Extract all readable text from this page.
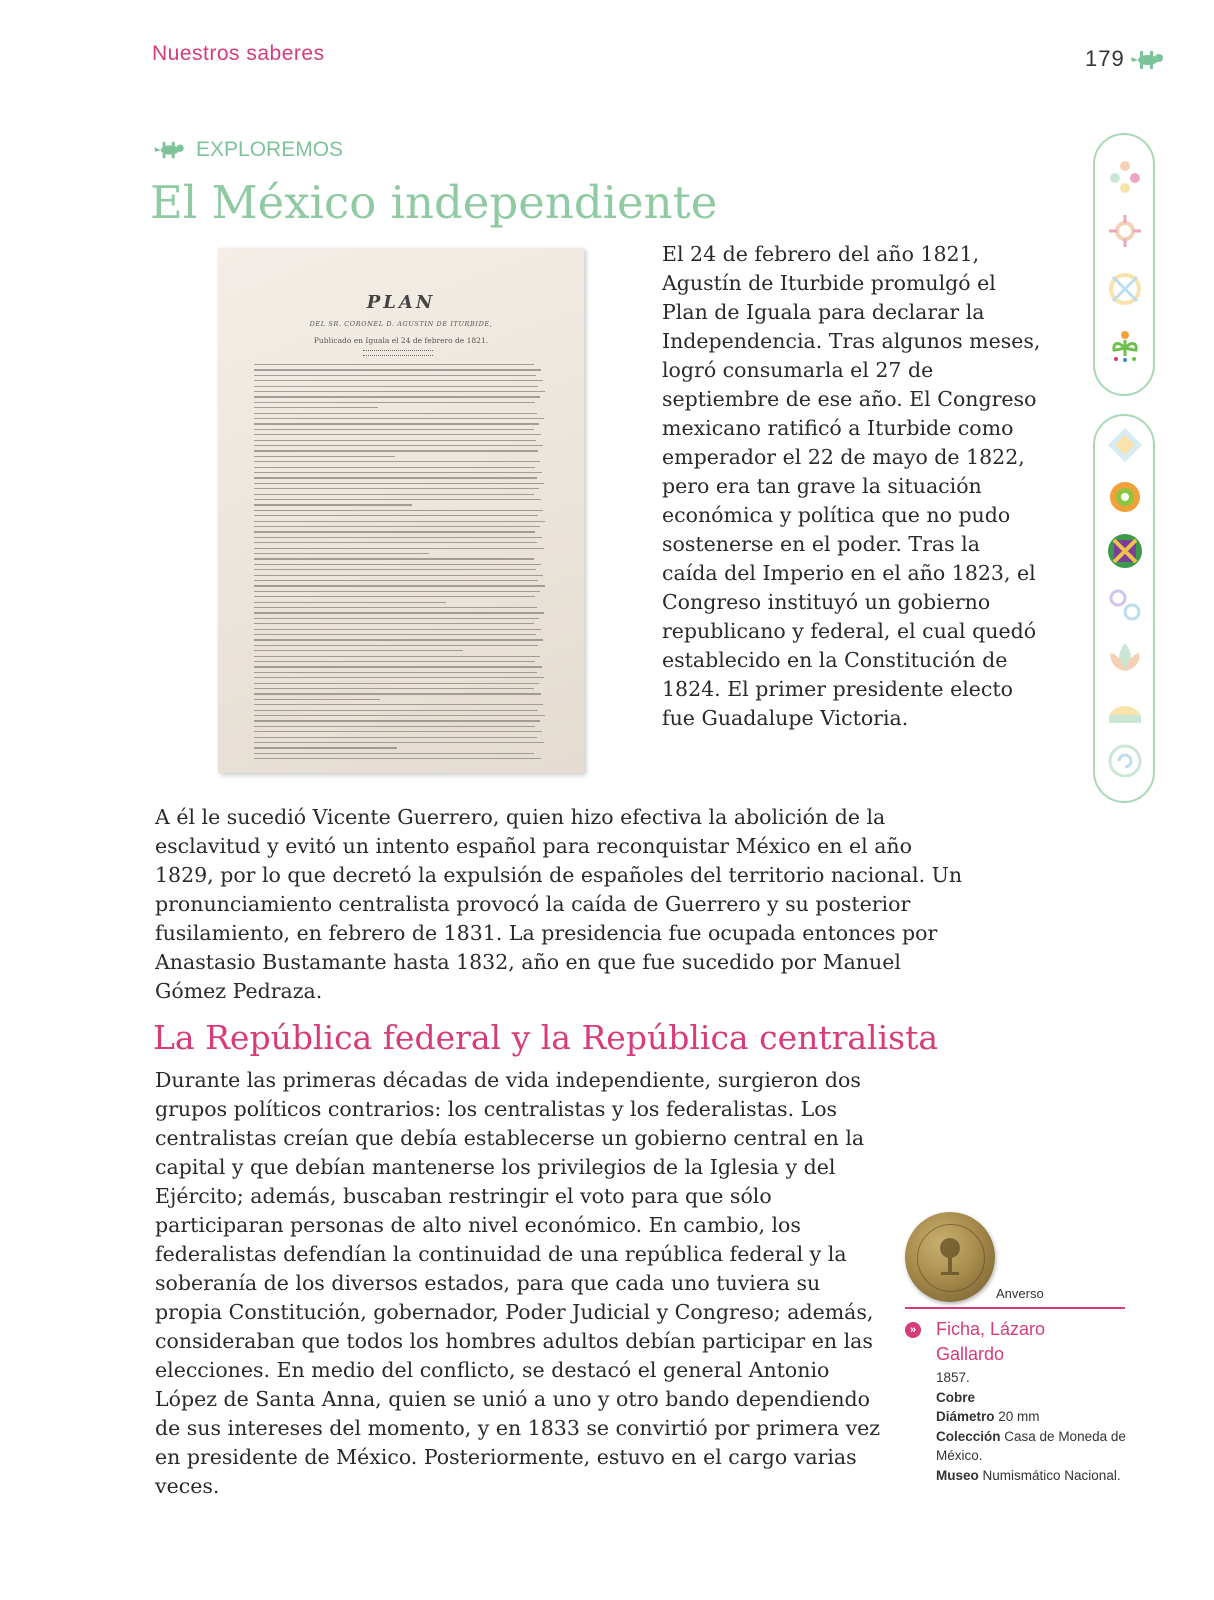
Nuestros saberes	179
EXPLOREMOS
El México independiente
PLAN
DEL SR. CORONEL D. AGUSTIN DE ITURBIDE,
Publicado en Iguala el 24 de febrero de 1821.

El 24 de febrero del año 1821, Agustín de Iturbide promulgó el Plan de Iguala para declarar la Independencia. Tras algunos meses, logró consumarla el 27 de septiembre de ese año. El Congreso mexicano ratificó a Iturbide como emperador el 22 de mayo de 1822, pero era tan grave la situación económica y política que no pudo sostenerse en el poder. Tras la caída del Imperio en el año 1823, el Congreso instituyó un gobierno republicano y federal, el cual quedó establecido en la Constitución de 1824. El primer presidente electo fue Guadalupe Victoria.

A él le sucedió Vicente Guerrero, quien hizo efectiva la abolición de la esclavitud y evitó un intento español para reconquistar México en el año 1829, por lo que decretó la expulsión de españoles del territorio nacional. Un pronunciamiento centralista provocó la caída de Guerrero y su posterior fusilamiento, en febrero de 1831. La presidencia fue ocupada entonces por Anastasio Bustamante hasta 1832, año en que fue sucedido por Manuel Gómez Pedraza.

La República federal y la República centralista

Durante las primeras décadas de vida independiente, surgieron dos grupos políticos contrarios: los centralistas y los federalistas. Los centralistas creían que debía establecerse un gobierno central en la capital y que debían mantenerse los privilegios de la Iglesia y del Ejército; además, buscaban restringir el voto para que sólo participaran personas de alto nivel económico. En cambio, los federalistas defendían la continuidad de una república federal y la soberanía de los diversos estados, para que cada uno tuviera su propia Constitución, gobernador, Poder Judicial y Congreso; además, consideraban que todos los hombres adultos debían participar en las elecciones. En medio del conflicto, se destacó el general Antonio López de Santa Anna, quien se unió a uno y otro bando dependiendo de sus intereses del momento, y en 1833 se convirtió por primera vez en presidente de México. Posteriormente, estuvo en el cargo varias veces.

Anverso
» Ficha, Lázaro Gallardo

1857.
Cobre
Diámetro 20 mm
Colección Casa de Moneda de México.
Museo Numismático Nacional.
